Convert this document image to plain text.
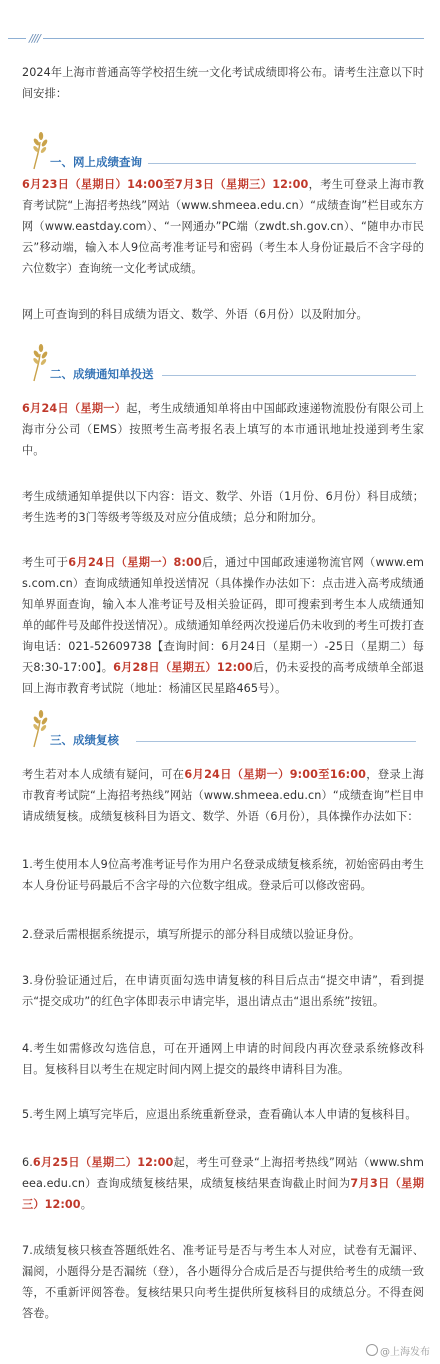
////

2024年上海市普通高等学校招生统一文化考试成绩即将公布。请考生注意以下时间安排：

一、网上成绩查询

6月23日（星期日）14:00至7月3日（星期三）12:00，考生可登录上海市教育考试院“上海招考热线”网站（www.shmeea.edu.cn）“成绩查询”栏目或东方网（www.eastday.com）、“一网通办”PC端（zwdt.sh.gov.cn）、“随申办市民云”移动端，输入本人9位高考准考证号和密码（考生本人身份证最后不含字母的六位数字）查询统一文化考试成绩。

网上可查询到的科目成绩为语文、数学、外语（6月份）以及附加分。

二、成绩通知单投送

6月24日（星期一）起，考生成绩通知单将由中国邮政速递物流股份有限公司上海市分公司（EMS）按照考生高考报名表上填写的本市通讯地址投递到考生家中。

考生成绩通知单提供以下内容：语文、数学、外语（1月份、6月份）科目成绩；考生选考的3门等级考等级及对应分值成绩；总分和附加分。

考生可于6月24日（星期一）8:00后，通过中国邮政速递物流官网（www.ems.com.cn）查询成绩通知单投送情况（具体操作办法如下：点击进入高考成绩通知单界面查询，输入本人准考证号及相关验证码，即可搜索到考生本人成绩通知单的邮件号及邮件投送情况）。成绩通知单经两次投递后仍未收到的考生可拨打查询电话：021-52609738【查询时间：6月24日（星期一）-25日（星期二）每天8:30-17:00】。6月28日（星期五）12:00后，仍未妥投的高考成绩单全部退回上海市教育考试院（地址：杨浦区民星路465号）。

三、成绩复核

考生若对本人成绩有疑问，可在6月24日（星期一）9:00至16:00，登录上海市教育考试院“上海招考热线”网站（www.shmeea.edu.cn）“成绩查询”栏目申请成绩复核。成绩复核科目为语文、数学、外语（6月份），具体操作办法如下：

1.考生使用本人9位高考准考证号作为用户名登录成绩复核系统，初始密码由考生本人身份证号码最后不含字母的六位数字组成。登录后可以修改密码。

2.登录后需根据系统提示，填写所提示的部分科目成绩以验证身份。

3.身份验证通过后，在申请页面勾选申请复核的科目后点击“提交申请”，看到提示“提交成功”的红色字体即表示申请完毕，退出请点击“退出系统”按钮。

4.考生如需修改勾选信息，可在开通网上申请的时间段内再次登录系统修改科目。复核科目以考生在规定时间内网上提交的最终申请科目为准。

5.考生网上填写完毕后，应退出系统重新登录，查看确认本人申请的复核科目。

6.6月25日（星期二）12:00起，考生可登录“上海招考热线”网站（www.shmeea.edu.cn）查询成绩复核结果，成绩复核结果查询截止时间为7月3日（星期三）12:00。

7.成绩复核只核查答题纸姓名、准考证号是否与考生本人对应，试卷有无漏评、漏阅，小题得分是否漏统（登），各小题得分合成后是否与提供给考生的成绩一致等，不重新评阅答卷。复核结果只向考生提供所复核科目的成绩总分。不得查阅答卷。

@上海发布
